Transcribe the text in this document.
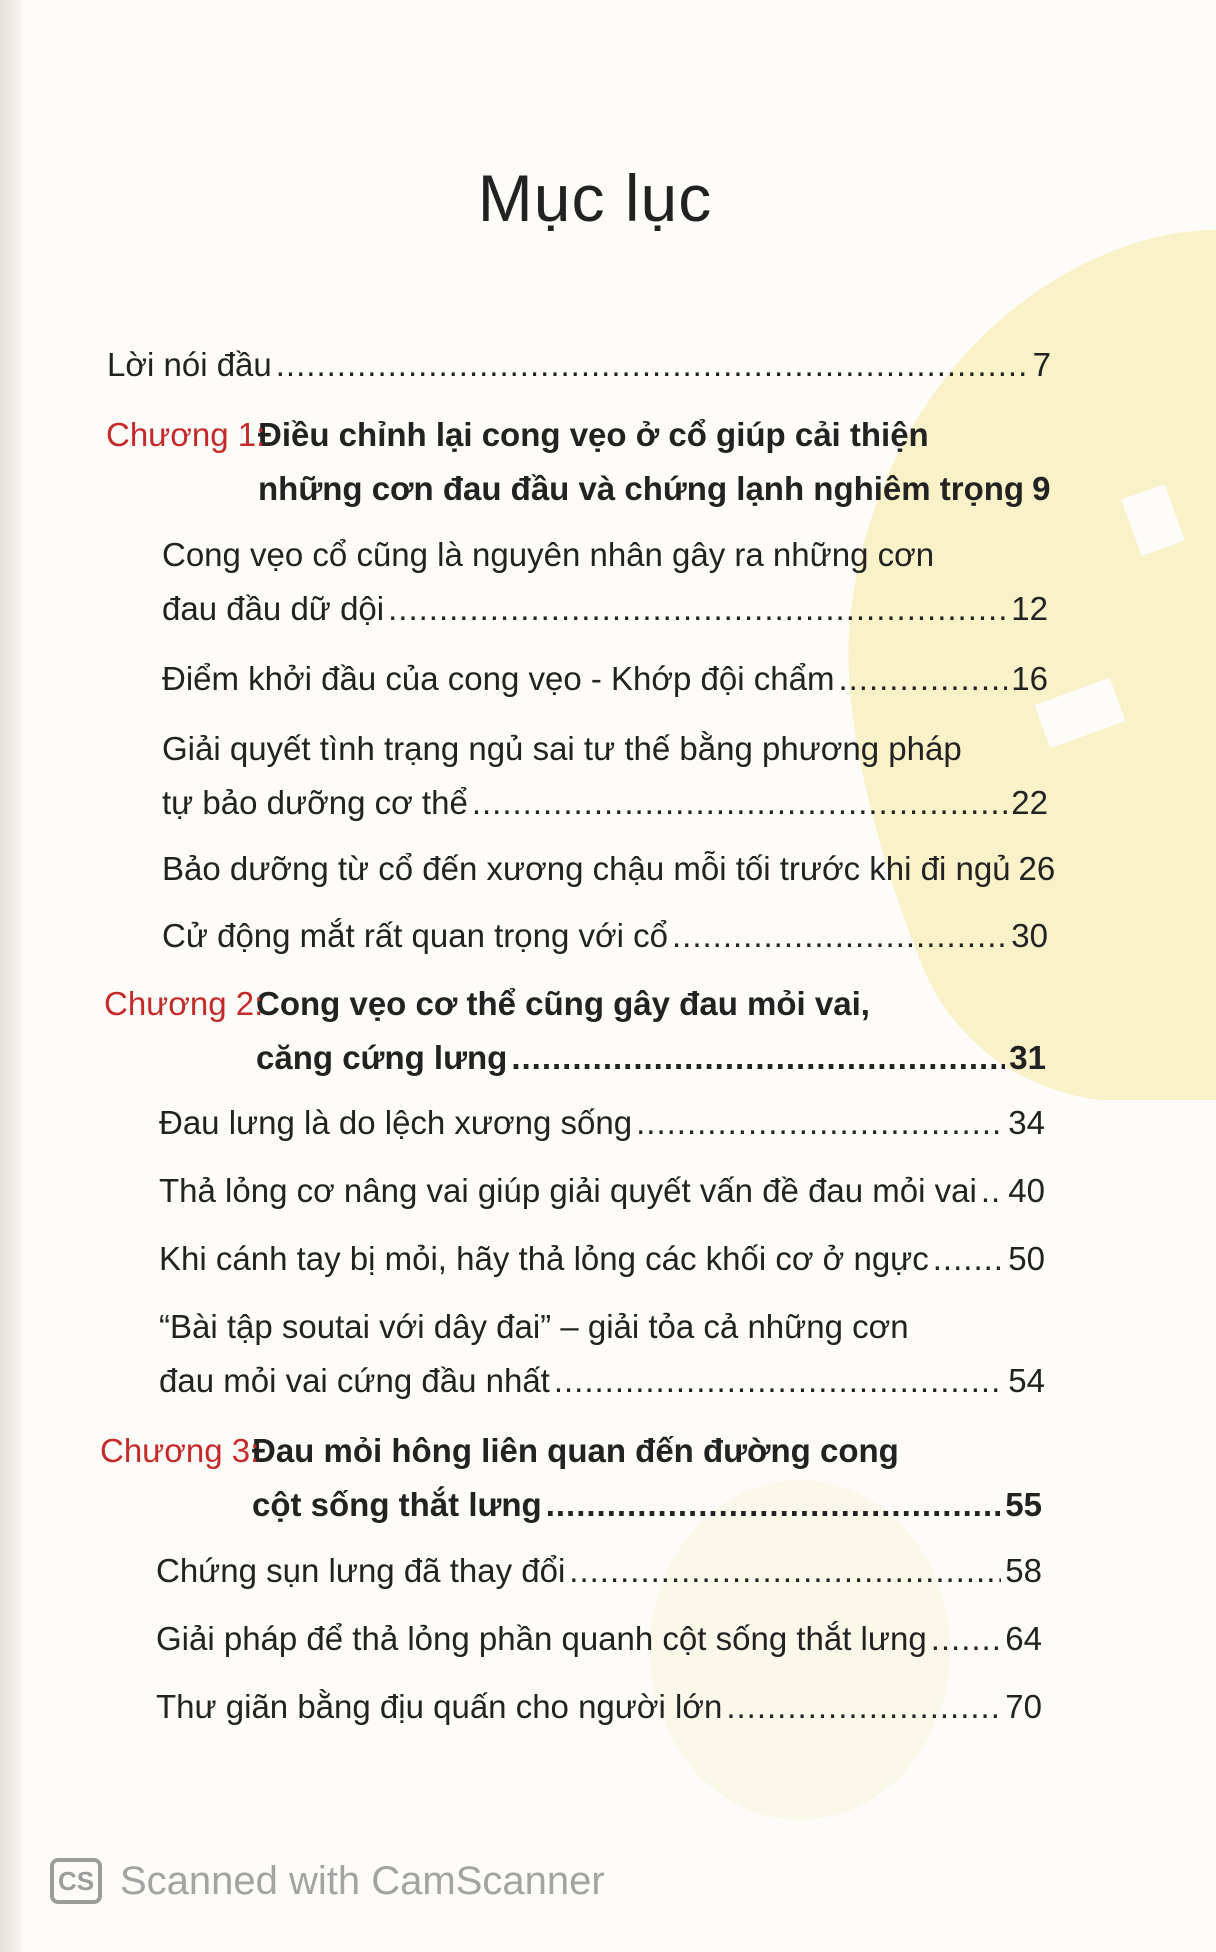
Mục lục
Lời nói đầu .....	7
Chương 1:
Điều chỉnh lại cong vẹo ở cổ giúp cải thiện
những cơn đau đầu và chứng lạnh nghiêm trọng 9
Cong vẹo cổ cũng là nguyên nhân gây ra những cơn
đau đầu dữ dội .....	12
Điểm khởi đầu của cong vẹo - Khớp đội chẩm .....	16
Giải quyết tình trạng ngủ sai tư thế bằng phương pháp
tự bảo dưỡng cơ thể .....	22
Bảo dưỡng từ cổ đến xương chậu mỗi tối trước khi đi ngủ 26
Cử động mắt rất quan trọng với cổ .....	30
Chương 2:
Cong vẹo cơ thể cũng gây đau mỏi vai,
căng cứng lưng .....	31
Đau lưng là do lệch xương sống .....	34
Thả lỏng cơ nâng vai giúp giải quyết vấn đề đau mỏi vai ..... 40
Khi cánh tay bị mỏi, hãy thả lỏng các khối cơ ở ngực ..... 50
“Bài tập soutai với dây đai” – giải tỏa cả những cơn
đau mỏi vai cứng đầu nhất .....	54
Chương 3:
Đau mỏi hông liên quan đến đường cong
cột sống thắt lưng .....	55
Chứng sụn lưng đã thay đổi .....	58
Giải pháp để thả lỏng phần quanh cột sống thắt lưng ..... 64
Thư giãn bằng địu quấn cho người lớn .....	70
CS Scanned with CamScanner
